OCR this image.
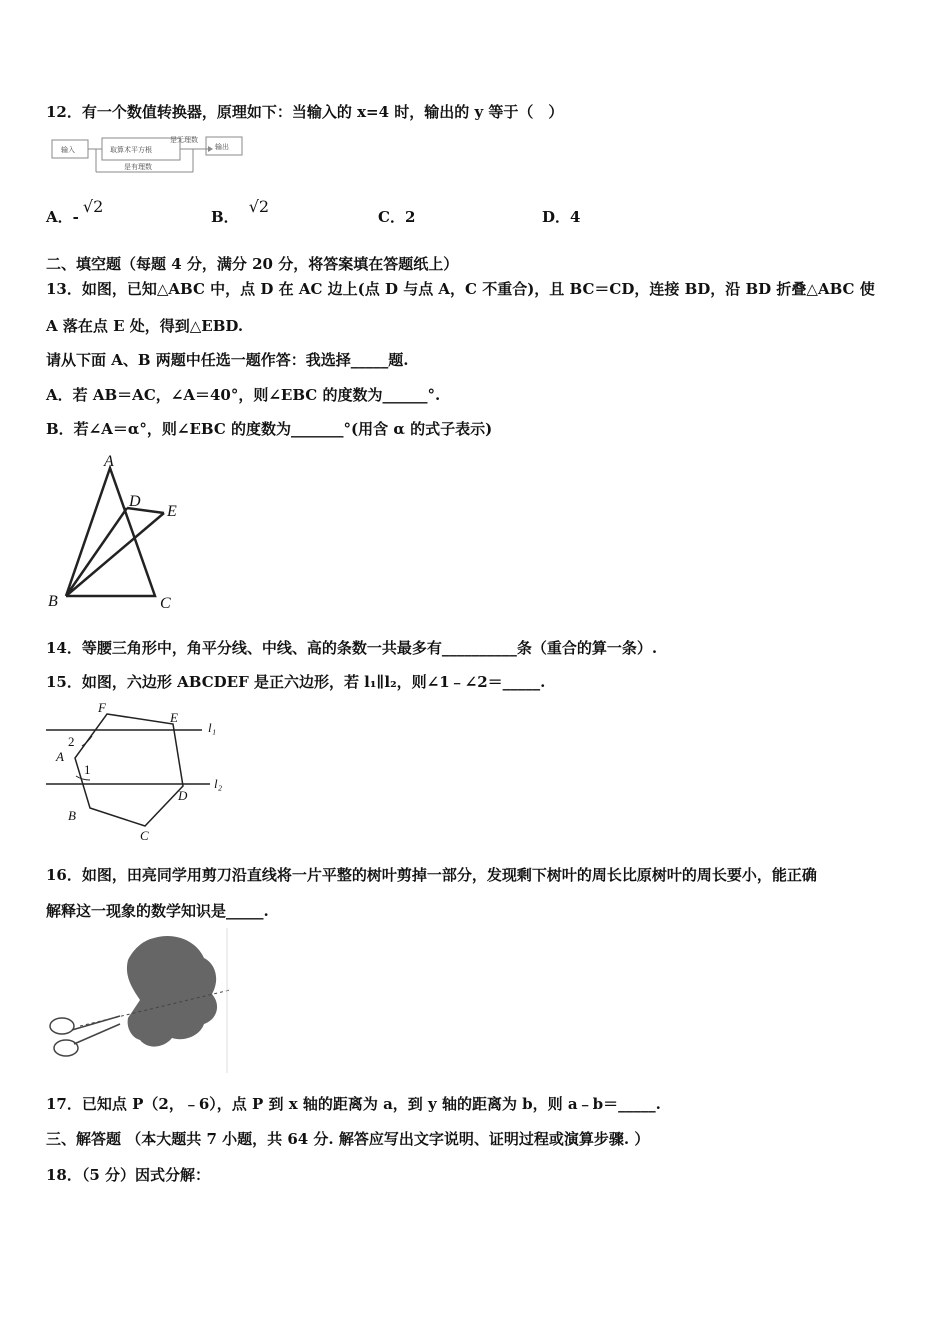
12．有一个数值转换器，原理如下：当输入的 x=4 时，输出的 y 等于（　）
输入	取算术平方根
是无理数
输出
是有理数
A．-√2
B．√2
C．2	D．4
二、填空题（每题 4 分，满分 20 分，将答案填在答题纸上）
13．如图，已知△ABC 中，点 D 在 AC 边上(点 D 与点 A，C 不重合)，且 BC＝CD，连接 BD，沿 BD 折叠△ABC 使
A 落在点 E 处，得到△EBD.
请从下面 A、B 两题中任选一题作答：我选择_____题.
A．若 AB＝AC，∠A＝40°，则∠EBC 的度数为______°.
B．若∠A＝α°，则∠EBC 的度数为_______°(用含 α 的式子表示)
A
B	C
D
E
14．等腰三角形中，角平分线、中线、高的条数一共最多有__________条（重合的算一条）.
15．如图，六边形 ABCDEF 是正六边形，若 l₁∥l₂，则∠1﹣∠2＝_____.
F
E
A
B
C
D
2
1
l₁
l₂
16．如图，田亮同学用剪刀沿直线将一片平整的树叶剪掉一部分，发现剩下树叶的周长比原树叶的周长要小，能正确
解释这一现象的数学知识是_____.
17．已知点 P（2，﹣6），点 P 到 x 轴的距离为 a，到 y 轴的距离为 b，则 a﹣b＝_____.
三、解答题 （本大题共 7 小题，共 64 分. 解答应写出文字说明、证明过程或演算步骤. ）
18．（5 分）因式分解：
